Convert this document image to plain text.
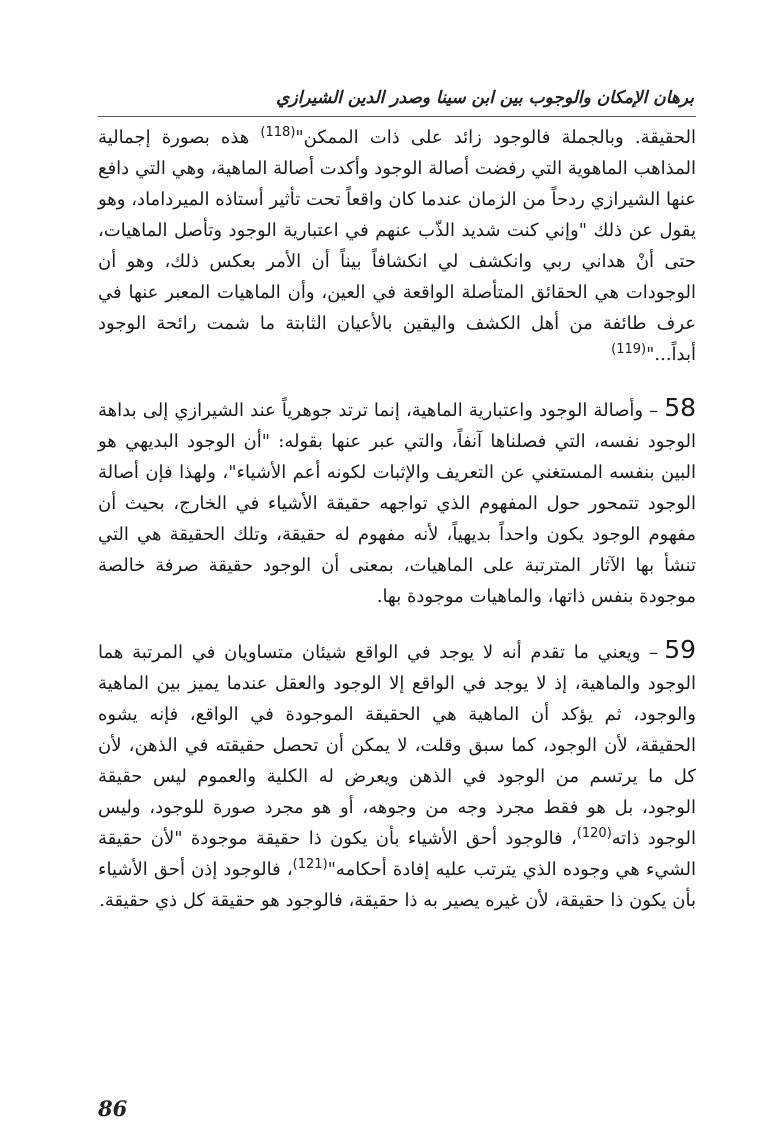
برهان الإمكان والوجوب بين ابن سينا وصدر الدين الشيرازي

الحقيقة. وبالجملة فالوجود زائد على ذات الممكن"$^{(118)}$ هذه بصورة إجمالية المذاهب الماهوية التي رفضت أصالة الوجود وأكدت أصالة الماهية، وهي التي دافع عنها الشيرازي ردحاً من الزمان عندما كان واقعاً تحت تأثير أستاذه الميرداماد، وهو يقول عن ذلك "وإني كنت شديد الذّب عنهم في اعتبارية الوجود وتأصل الماهيات، حتى أنْ هداني ربي وانكشف لي انكشافاً بيناً أن الأمر بعكس ذلك، وهو أن الوجودات هي الحقائق المتأصلة الواقعة في العين، وأن الماهيات المعبر عنها في عرف طائفة من أهل الكشف واليقين بالأعيان الثابتة ما شمت رائحة الوجود أبداً..."$^{(119)}$

58– وأصالة الوجود واعتبارية الماهية، إنما ترتد جوهرياً عند الشيرازي إلى بداهة الوجود نفسه، التي فصلناها آنفاً، والتي عبر عنها بقوله: "أن الوجود البديهي هو البين بنفسه المستغني عن التعريف والإثبات لكونه أعم الأشياء"، ولهذا فإن أصالة الوجود تتمحور حول المفهوم الذي تواجهه حقيقة الأشياء في الخارج، بحيث أن مفهوم الوجود يكون واحداً بديهياً، لأنه مفهوم له حقيقة، وتلك الحقيقة هي التي تنشأ بها الآثار المترتبة على الماهيات، بمعنى أن الوجود حقيقة صرفة خالصة موجودة بنفس ذاتها، والماهيات موجودة بها.

59– ويعني ما تقدم أنه لا يوجد في الواقع شيئان متساويان في المرتبة هما الوجود والماهية، إذ لا يوجد في الواقع إلا الوجود والعقل عندما يميز بين الماهية والوجود، ثم يؤكد أن الماهية هي الحقيقة الموجودة في الواقع، فإنه يشوه الحقيقة، لأن الوجود، كما سبق وقلت، لا يمكن أن تحصل حقيقته في الذهن، لأن كل ما يرتسم من الوجود في الذهن ويعرض له الكلية والعموم ليس حقيقة الوجود، بل هو فقط مجرد وجه من وجوهه، أو هو مجرد صورة للوجود، وليس الوجود ذاته$^{(120)}$، فالوجود أحق الأشياء بأن يكون ذا حقيقة موجودة "لأن حقيقة الشيء هي وجوده الذي يترتب عليه إفادة أحكامه"$^{(121)}$، فالوجود إذن أحق الأشياء بأن يكون ذا حقيقة، لأن غيره يصير به ذا حقيقة، فالوجود هو حقيقة كل ذي حقيقة.

86
